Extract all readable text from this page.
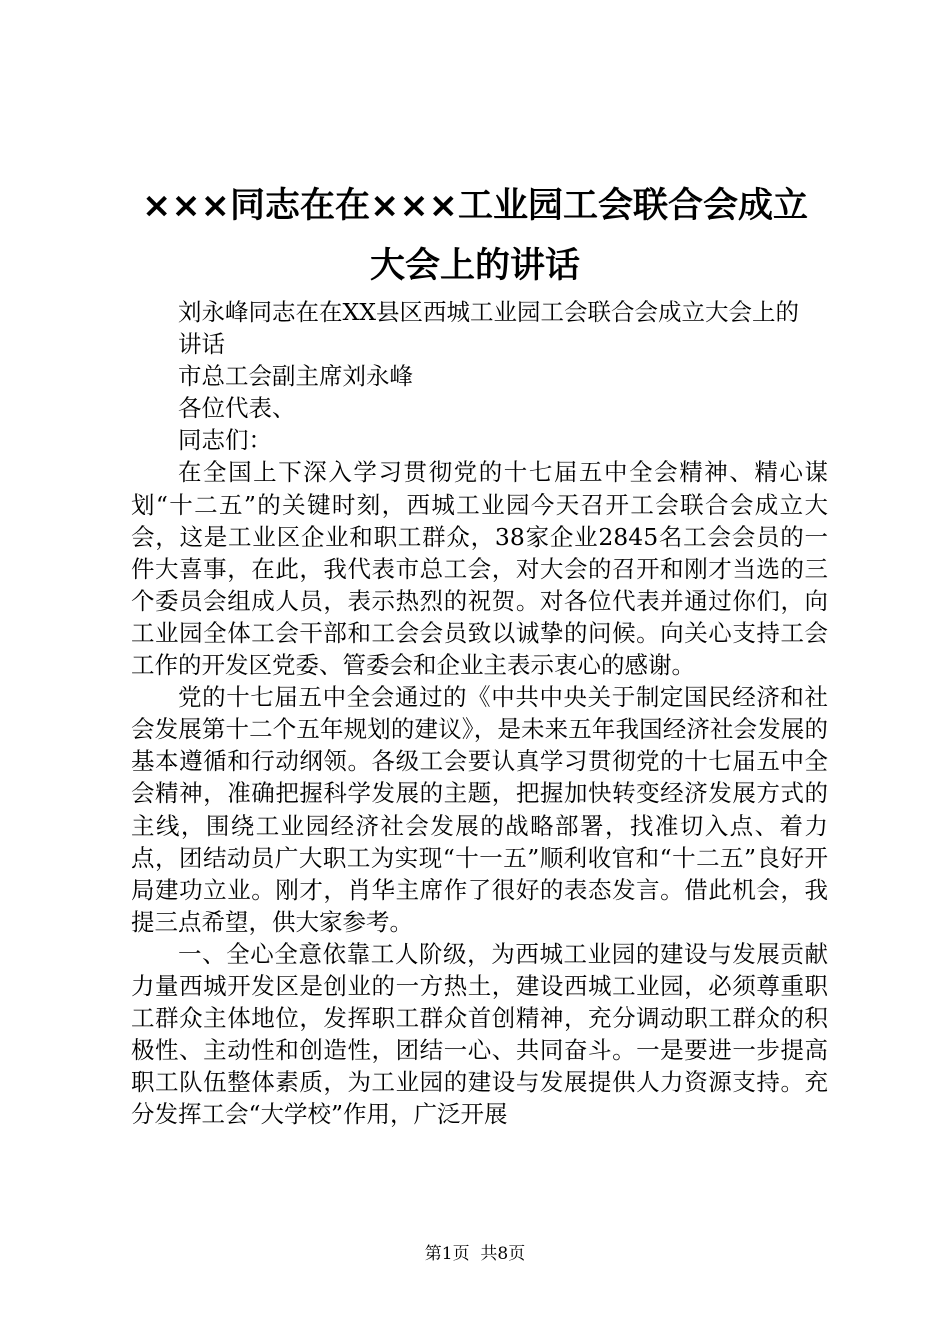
×××同志在在×××工业园工会联合会成立
大会上的讲话

刘永峰同志在在XX县区西城工业园工会联合会成立大会上的

讲话

市总工会副主席刘永峰

各位代表、

同志们：

在全国上下深入学习贯彻党的十七届五中全会精神、精心谋划“十二五”的关键时刻，西城工业园今天召开工会联合会成立大会，这是工业区企业和职工群众，38家企业2845名工会会员的一件大喜事，在此，我代表市总工会，对大会的召开和刚才当选的三个委员会组成人员，表示热烈的祝贺。对各位代表并通过你们，向工业园全体工会干部和工会会员致以诚挚的问候。向关心支持工会工作的开发区党委、管委会和企业主表示衷心的感谢。

党的十七届五中全会通过的《中共中央关于制定国民经济和社会发展第十二个五年规划的建议》，是未来五年我国经济社会发展的基本遵循和行动纲领。各级工会要认真学习贯彻党的十七届五中全会精神，准确把握科学发展的主题，把握加快转变经济发展方式的主线，围绕工业园经济社会发展的战略部署，找准切入点、着力点，团结动员广大职工为实现“十一五”顺利收官和“十二五”良好开局建功立业。刚才，肖华主席作了很好的表态发言。借此机会，我提三点希望，供大家参考。

一、全心全意依靠工人阶级，为西城工业园的建设与发展贡献力量西城开发区是创业的一方热土，建设西城工业园，必须尊重职工群众主体地位，发挥职工群众首创精神，充分调动职工群众的积极性、主动性和创造性，团结一心、共同奋斗。一是要进一步提高职工队伍整体素质，为工业园的建设与发展提供人力资源支持。充分发挥工会“大学校”作用，广泛开展

第1页 共8页
